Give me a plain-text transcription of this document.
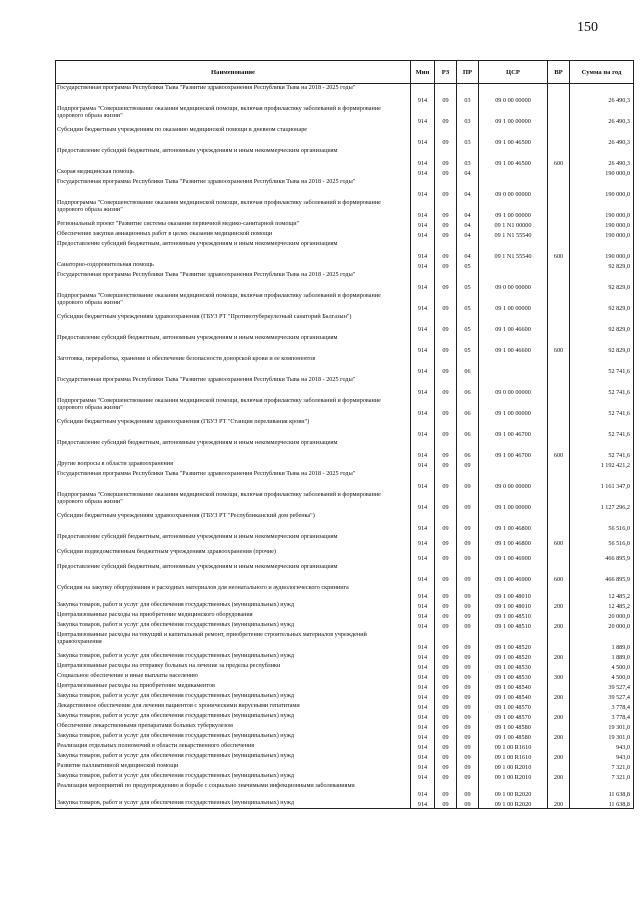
150
Наименование	Мин	РЗ	ПР	ЦСР	ВР	Сумма на год
Государственная программа Республики Тыва "Развитие здравоохранения Республики Тыва на 2018 - 2025 годы"	914	09	03	09 0 00 00000		26 490,3
Подпрограмма "Совершенствование оказания медицинской помощи, включая профилактику заболеваний и формирование здорового образа жизни"	914	09	03	09 1 00 00000		26 490,3
Субсидии бюджетным учреждениям по оказанию медицинской помощи в дневном стационаре	914	09	03	09 1 00 46500		26 490,3
Предоставление субсидий бюджетным, автономным учреждениям и иным некоммерческим организациям	914	09	03	09 1 00 46500	600	26 490,3
Скорая медицинская помощь	914	09	04			190 000,0
Государственная программа Республики Тыва "Развитие здравоохранения Республики Тыва на 2018 - 2025 годы"	914	09	04	09 0 00 00000		190 000,0
Подпрограмма "Совершенствование оказания медицинской помощи, включая профилактику заболеваний и формирование здорового образа жизни"	914	09	04	09 1 00 00000		190 000,0
Региональный проект "Развитие системы оказания первичной медико-санитарной помощи"	914	09	04	09 1 N1 00000		190 000,0
Обеспечение закупки авиационных работ в целях оказания медицинской помощи	914	09	04	09 1 N1 55540		190 000,0
Предоставление субсидий бюджетным, автономным учреждениям и иным некоммерческим организациям	914	09	04	09 1 N1 55540	600	190 000,0
Санаторно-оздоровительная помощь	914	09	05			92 829,0
Государственная программа Республики Тыва "Развитие здравоохранения Республики Тыва на 2018 - 2025 годы"	914	09	05	09 0 00 00000		92 829,0
Подпрограмма "Совершенствование оказания медицинской помощи, включая профилактику заболеваний и формирование здорового образа жизни"	914	09	05	09 1 00 00000		92 829,0
Субсидии бюджетным учреждениям здравоохранения (ГБУЗ РТ "Противотуберкулезный санаторий Балгазын")	914	09	05	09 1 00 46600		92 829,0
Предоставление субсидий бюджетным, автономным учреждениям и иным некоммерческим организациям	914	09	05	09 1 00 46600	600	92 829,0
Заготовка, переработка, хранение и обеспечение безопасности донорской крови и ее компонентов	914	09	06			52 741,6
Государственная программа Республики Тыва "Развитие здравоохранения Республики Тыва на 2018 - 2025 годы"	914	09	06	09 0 00 00000		52 741,6
Подпрограмма "Совершенствование оказания медицинской помощи, включая профилактику заболеваний и формирование здорового образа жизни"	914	09	06	09 1 00 00000		52 741,6
Субсидии бюджетным учреждениям здравоохранения (ГБУЗ РТ "Станция переливания крови")	914	09	06	09 1 00 46700		52 741,6
Предоставление субсидий бюджетным, автономным учреждениям и иным некоммерческим организациям	914	09	06	09 1 00 46700	600	52 741,6
Другие вопросы в области здравоохранения	914	09	09			1 192 421,2
Государственная программа Республики Тыва "Развитие здравоохранения Республики Тыва на 2018 - 2025 годы"	914	09	09	09 0 00 00000		1 161 347,0
Подпрограмма "Совершенствование оказания медицинской помощи, включая профилактику заболеваний и формирование здорового образа жизни"	914	09	09	09 1 00 00000		1 127 296,2
Субсидии бюджетным учреждениям здравоохранения (ГБУЗ РТ "Республиканский дом ребенка")	914	09	09	09 1 00 46800		56 516,0
Предоставление субсидий бюджетным, автономным учреждениям и иным некоммерческим организациям	914	09	09	09 1 00 46800	600	56 516,0
Субсидии подведомственным бюджетным учреждениям здравоохранения (прочие)	914	09	09	09 1 00 46900		466 895,9
Предоставление субсидий бюджетным, автономным учреждениям и иным некоммерческим организациям	914	09	09	09 1 00 46900	600	466 895,9
Субсидия на закупку оборудования и расходных материалов для неонатального и аудиологического скрининга	914	09	09	09 1 00 48010		12 485,2
Закупка товаров, работ и услуг для обеспечения государственных (муниципальных) нужд	914	09	09	09 1 00 48010	200	12 485,2
Централизованные расходы на приобретение медицинского оборудования	914	09	09	09 1 00 48510		20 000,0
Закупка товаров, работ и услуг для обеспечения государственных (муниципальных) нужд	914	09	09	09 1 00 48510	200	20 000,0
Централизованные расходы на текущий и капитальный ремонт, приобретение строительных материалов учреждений здравоохранения	914	09	09	09 1 00 48520		1 889,0
Закупка товаров, работ и услуг для обеспечения государственных (муниципальных) нужд	914	09	09	09 1 00 48520	200	1 889,0
Централизованные расходы на отправку больных на лечение за пределы республики	914	09	09	09 1 00 48530		4 500,0
Социальное обеспечение и иные выплаты населению	914	09	09	09 1 00 48530	300	4 500,0
Централизованные расходы на приобретение медикаментов	914	09	09	09 1 00 48540		39 527,4
Закупка товаров, работ и услуг для обеспечения государственных (муниципальных) нужд	914	09	09	09 1 00 48540	200	39 527,4
Лекарственное обеспечение для лечения пациентов с хроническими вирусными гепатитами	914	09	09	09 1 00 48570		3 778,4
Закупка товаров, работ и услуг для обеспечения государственных (муниципальных) нужд	914	09	09	09 1 00 48570	200	3 778,4
Обеспечение лекарственными препаратами больных туберкулезом	914	09	09	09 1 00 48580		19 301,0
Закупка товаров, работ и услуг для обеспечения государственных (муниципальных) нужд	914	09	09	09 1 00 48580	200	19 301,0
Реализация отдельных полномочий в области лекарственного обеспечения	914	09	09	09 1 00 R1610		943,0
Закупка товаров, работ и услуг для обеспечения государственных (муниципальных) нужд	914	09	09	09 1 00 R1610	200	943,0
Развитие паллиативной медицинской помощи	914	09	09	09 1 00 R2010		7 321,0
Закупка товаров, работ и услуг для обеспечения государственных (муниципальных) нужд	914	09	09	09 1 00 R2010	200	7 321,0
Реализация мероприятий по предупреждению и борьбе с социально значимыми инфекционными заболеваниями	914	09	09	09 1 00 R2020		11 638,8
Закупка товаров, работ и услуг для обеспечения государственных (муниципальных) нужд	914	09	09	09 1 00 R2020	200	11 638,8
